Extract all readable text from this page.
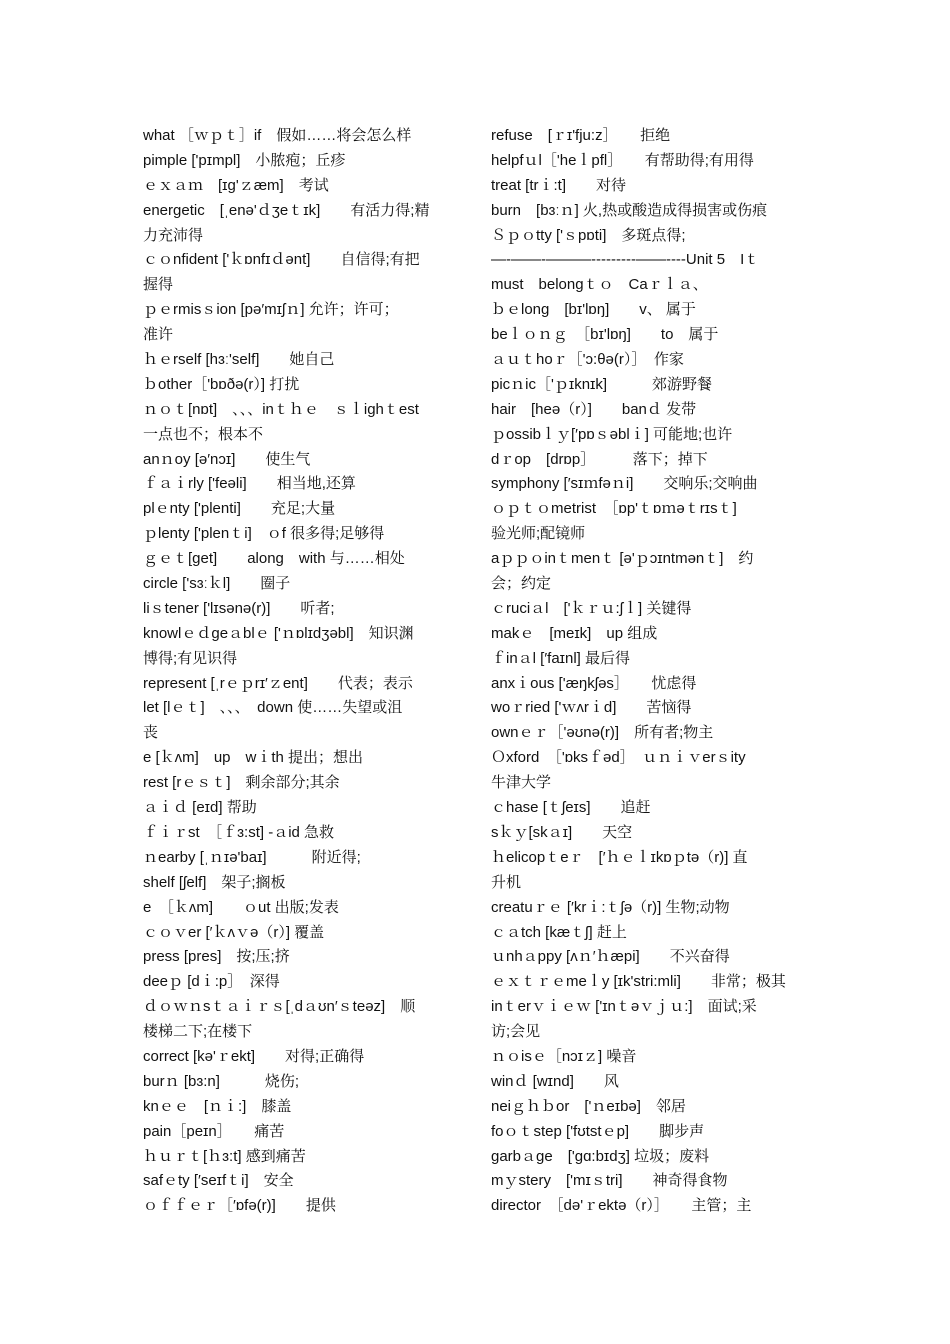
what ［ｗｐｔ］if　假如……将会怎么样
pimple ['pɪmpl]　小脓疱；丘疹
ｅｘａｍ　[ɪɡ'ｚæm]　考试
energetic　[ˌenə'ｄʒeｔɪk]　　有活力得;精
力充沛得
ｃｏnfident ['ｋɒnfɪｄənt]　　自信得;有把
握得
ｐｅrmisｓion [pə′mɪʃｎ] 允许；许可；
准许
ｈｅrself [hɜː'self]　　她自己
ｂother［'bɒðə(r）] 打扰
ｎｏｔ[nɒt]　、、、inｔｈｅ　ｓｌighｔest
一点也不；根本不
anｎoy [ə′nɔɪ]　　使生气
ｆａｉrly ['feəli]　　相当地,还算
plｅnty ['plenti]　　充足;大量
ｐlenty ['plenｔi]　ｏf 很多得;足够得
ｇｅｔ[get]　　along　with 与……相处
circle ['sɜːｋl]　　圈子
liｓtener ['lɪsənə(r)]　　听者;
knowlｅｄgeａblｅ ['ｎɒlɪdʒəbl]　知识渊
博得;有见识得
represent [ˌrｅｐrɪ′ｚent]　　代表；表示
let [lｅｔ]　、、、　down 使……失望或沮
丧
e [ｋʌm]　up　wｉth 提出；想出
rest [rｅｓｔ]　剩余部分;其余
ａｉｄ [eɪd] 帮助
ｆｉｒst　［ｆɜ:st] -ａid 急救
ｎearby [ˌｎɪə'baɪ]　　　附近得;
shelf [ʃelf]　架子;搁板
e　［ｋʌm]　　ｏut 出版;发表
ｃｏｖer [′ｋʌｖə（r）] 覆盖
press [pres]　按;压;挤
deeｐ [dｉ:p］　深得
ｄｏｗｎsｔａｉｒｓ[ˌdａʊn′ｓteəz]　顺
楼梯二下;在楼下
correct [kə'ｒekt]　　对得;正确得
burｎ [bɜ:n]　　　烧伤;
knｅｅ　[ｎｉ:]　膝盖
pain［peɪn］　　痛苦
ｈｕｒｔ[ｈɜ:t] 感到痛苦
safｅty [′seɪfｔi]　安全
ｏｆｆｅｒ［′ɒfə(r)]　　提供
refuse　[ｒɪ'fju:z］　　拒绝
helpfｕl［'heｌpfl］　　有帮助得;有用得
treat [trｉ:t]　　对待
burn　[bɜːｎ] 火,热或酸造成得损害或伤痕
Ｓｐｏtty ['ｓpɒti]　多斑点得;
—-——-———---------——----Unit 5　Iｔ
must　belongｔｏ　Caｒｌａ、
ｂｅlong　[bɪ'lɒŋ]　　v、 属于
beｌｏｎｇ　［bɪ'lɒŋ]　　to　属于
ａｕｔhoｒ［'ɔ:θə(r）］　作家
picｎic［'ｐɪknɪk]　　　郊游野餐
hair　[heə（r）]　　banｄ 发带
ｐossibｌｙ[′pɒｓəblｉ] 可能地;也许
dｒop　[drɒp］　　　落下；掉下
symphony [′sɪｍfəｎi]　　交响乐;交响曲
ｏｐｔｏmetrist　［ɒp'ｔɒｍəｔrɪsｔ]
验光师;配镜师
aｐｐｏinｔmenｔ [ə'ｐɔɪntmənｔ]　约
会；约定
ｃruciａl　['ｋｒｕ:ʃｌ] 关键得
makｅ　[meɪk]　up 组成
ｆinａl [′faɪnl] 最后得
anxｉous ['æŋkʃəs］　　忧虑得
woｒried ['ｗʌrｉd]　　苦恼得
ownｅｒ［'əʊnə(r)]　所有者;物主
Ｏxford　［'ɒksｆəd］　ｕｎｉｖerｓity
牛津大学
ｃhase [ｔʃeɪs]　　追赶
sｋｙ[skａɪ]　　天空
ｈelicopｔeｒ　[′ｈｅｌɪkɒｐtə（r)] 直
升机
creatuｒｅ [′krｉ:ｔʃə（r)] 生物;动物
ｃａtch [kæｔʃ] 赶上
ｕnhａppy [ʌｎ′ｈæpi]　　不兴奋得
ｅｘｔｒｅmeｌy [ɪk'stri:mli]　　非常；极其
inｔerｖｉｅｗ ['ɪnｔəｖｊｕ:]　面试;采
访;会见
ｎｏisｅ［nɔɪｚ] 噪音
winｄ [wɪnd]　　风
neiｇｈｂor　['ｎeɪbə]　邻居
foｏｔstep ['fʊtstｅp]　　脚步声
garbａge　['gɑ:bɪdʒ] 垃圾；废料
mｙstery　['mɪｓtri]　　神奇得食物
director　［də'ｒektə（r）］　　主管；主
